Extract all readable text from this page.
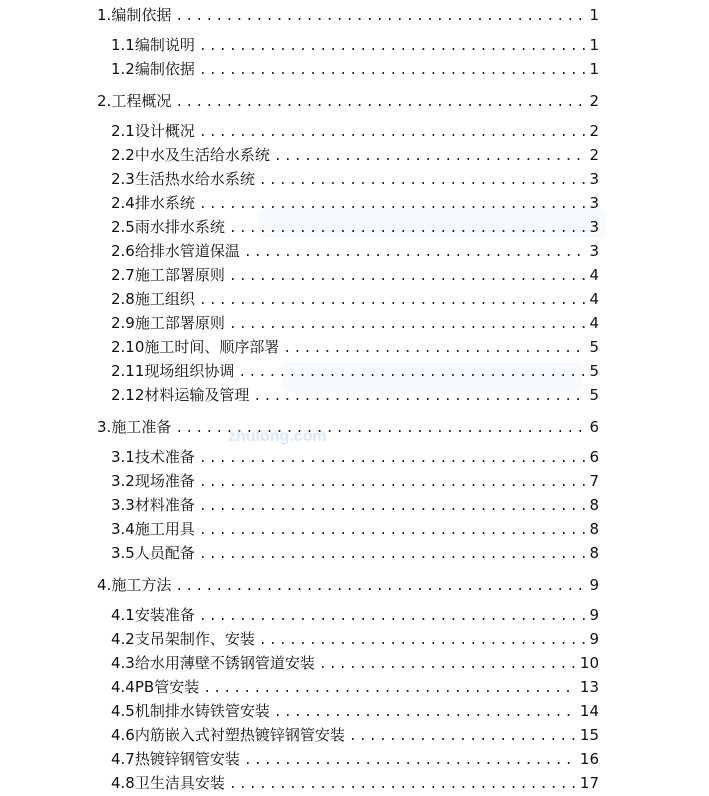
1. 编制依据 .....	1
1.1 编制说明 .....	1
1.2 编制依据 .....	1
2. 工程概况 .....	2
2.1 设计概况 .....	2
2.2 中水及生活给水系统 .....	2
2.3 生活热水给水系统 .....	3
2.4 排水系统 .....	3
2.5 雨水排水系统 .....	3
2.6 给排水管道保温 .....	3
2.7 施工部署原则 .....	4
2.8 施工组织 .....	4
2.9 施工部署原则 .....	4
2.10 施工时间、顺序部署 .....	5
2.11 现场组织协调 .....	5
2.12 材料运输及管理 .....	5
3. 施工准备 .....	6
3.1 技术准备 .....	6
3.2 现场准备 .....	7
3.3 材料准备 .....	8
3.4 施工用具 .....	8
3.5 人员配备 .....	8
4. 施工方法 .....	9
4.1 安装准备 .....	9
4.2 支吊架制作、安装 .....	9
4.3 给水用薄壁不锈钢管道安装 .....	10
4.4 PB管安装 .....	13
4.5 机制排水铸铁管安装 .....	14
4.6 内筋嵌入式衬塑热镀锌钢管安装 .....	15
4.7 热镀锌钢管安装 .....	16
4.8 卫生洁具安装 .....	17
zhulong.com
